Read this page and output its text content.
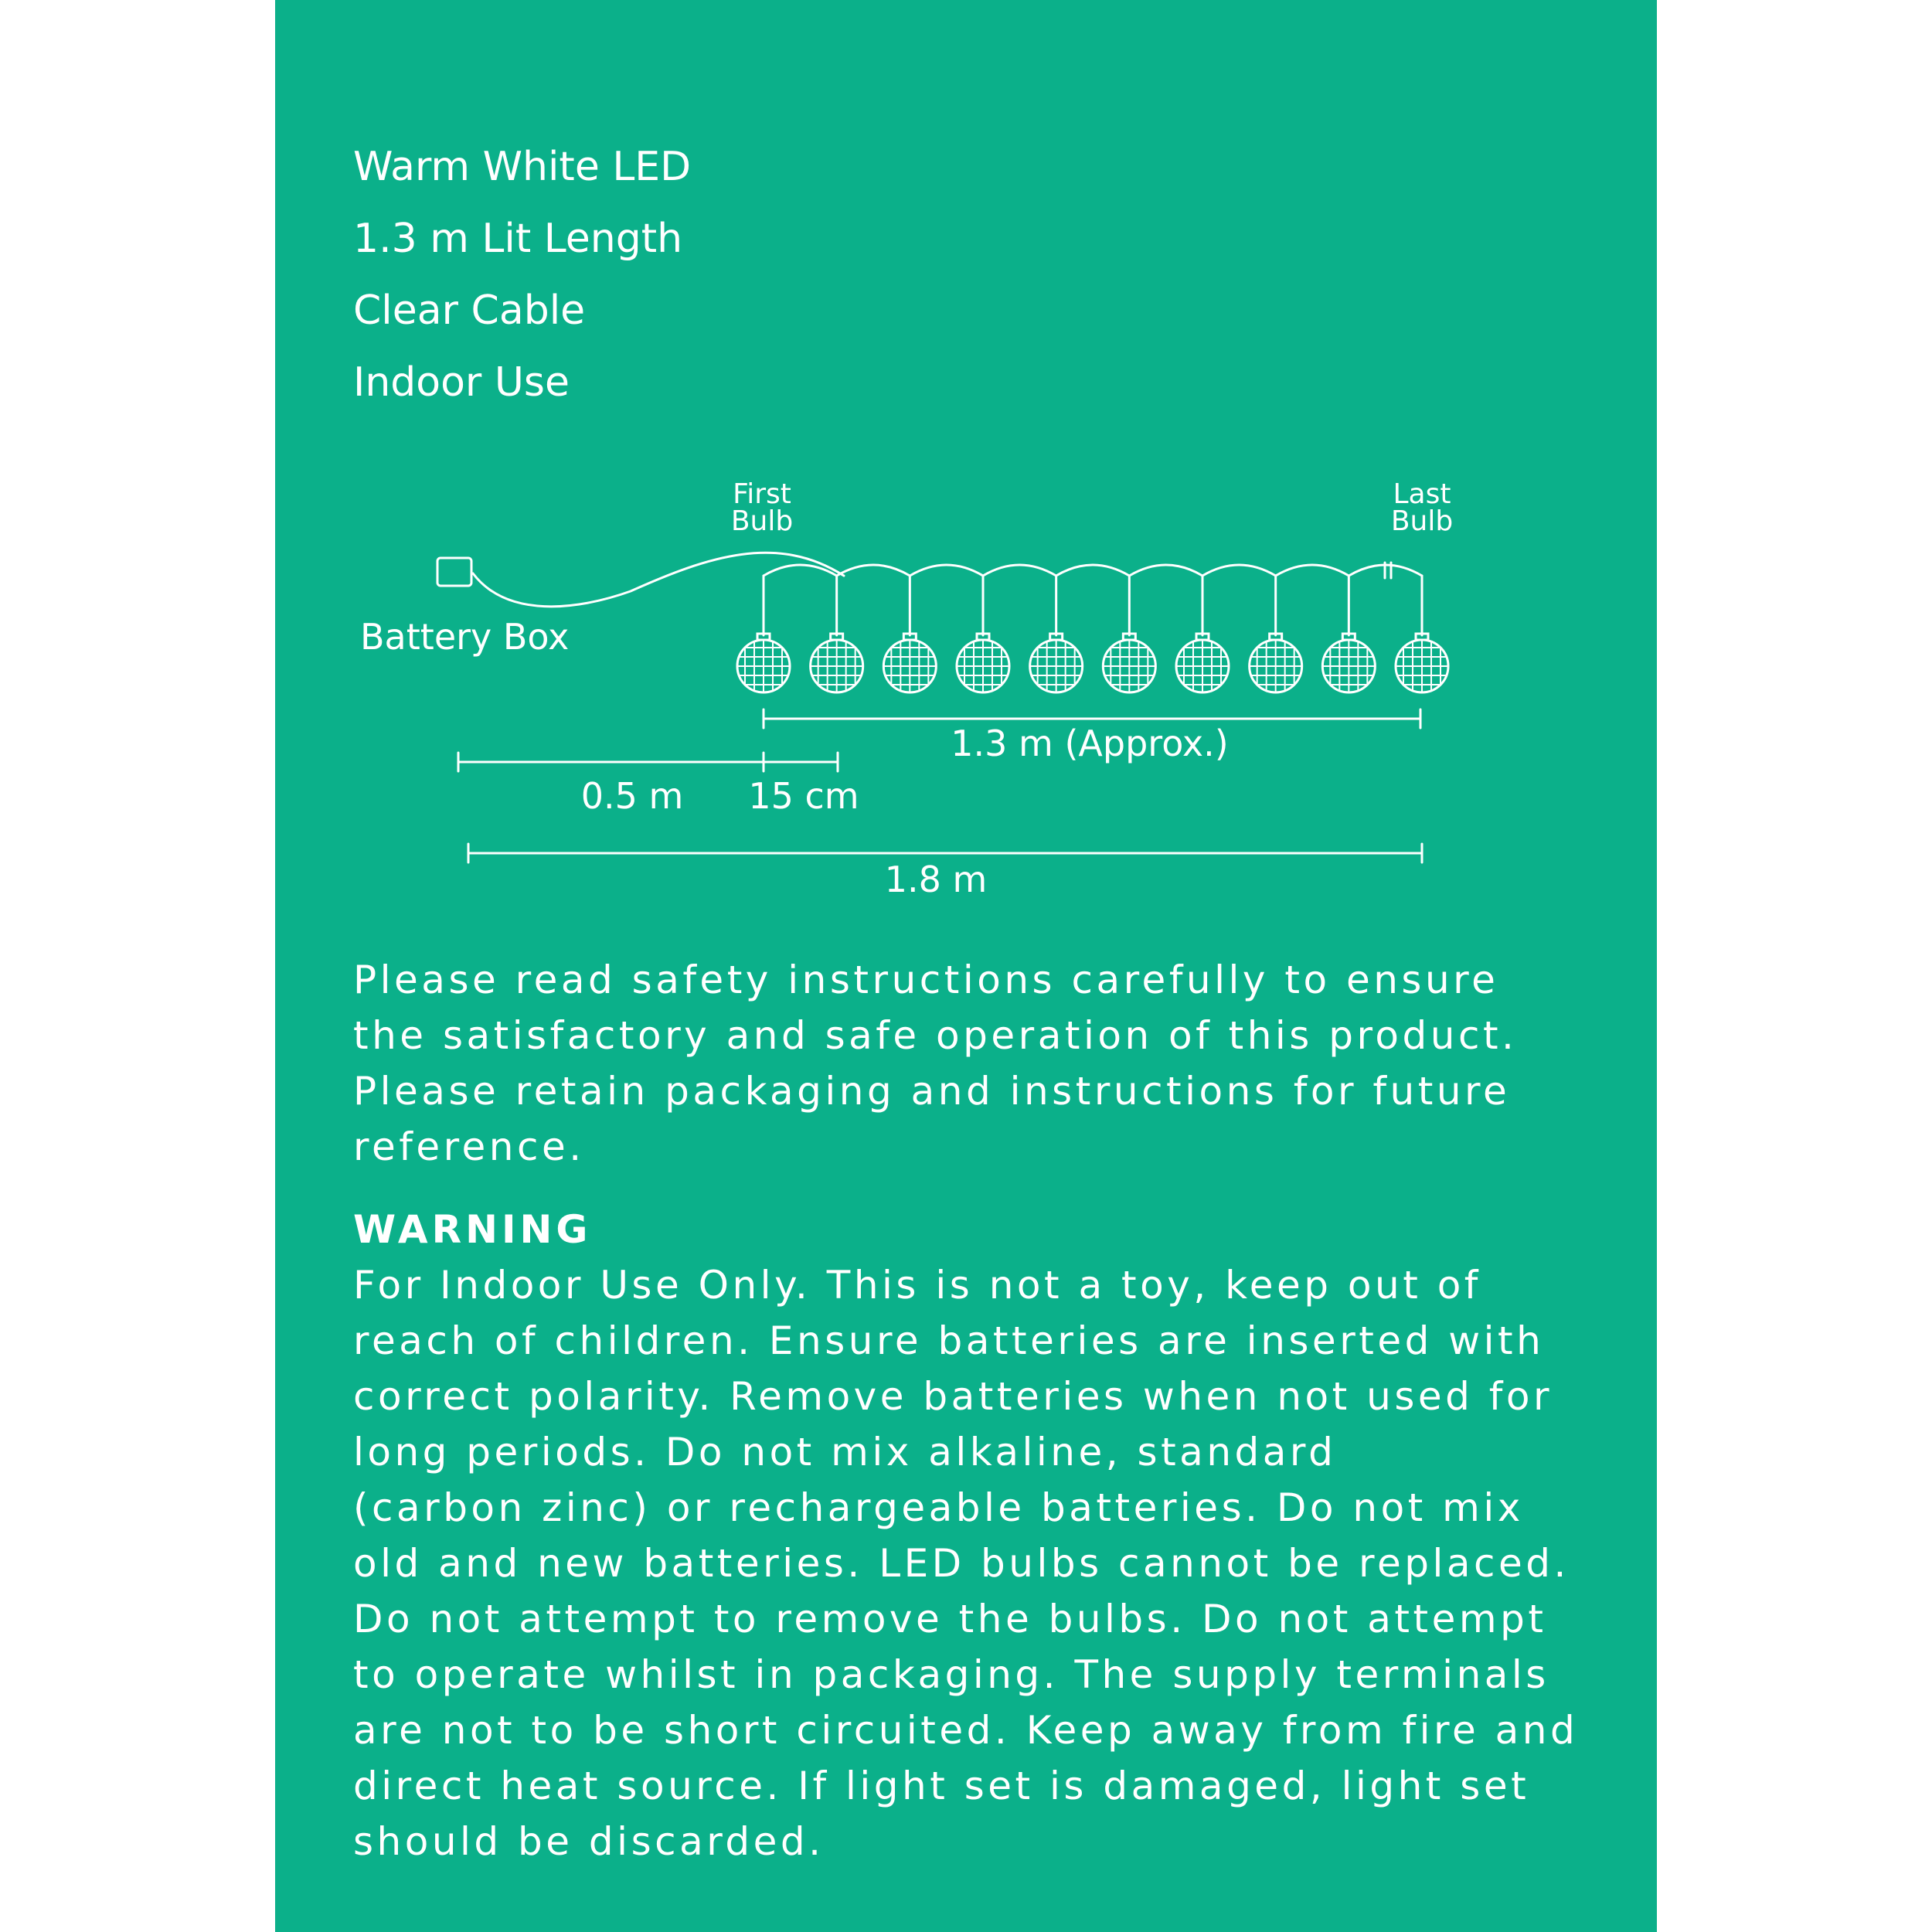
Warm White LED
1.3 m Lit Length
Clear Cable
Indoor Use
First
Bulb
Last
Bulb
Battery Box
1.3 m (Approx.)
0.5 m 15 cm
1.8 m
Please read safety instructions carefully to ensure
the satisfactory and safe operation of this product.
Please retain packaging and instructions for future
reference.
WARNING
For Indoor Use Only. This is not a toy, keep out of
reach of children. Ensure batteries are inserted with
correct polarity. Remove batteries when not used for
long periods. Do not mix alkaline, standard
(carbon zinc) or rechargeable batteries. Do not mix
old and new batteries. LED bulbs cannot be replaced.
Do not attempt to remove the bulbs. Do not attempt
to operate whilst in packaging. The supply terminals
are not to be short circuited. Keep away from fire and
direct heat source. If light set is damaged, light set
should be discarded.
